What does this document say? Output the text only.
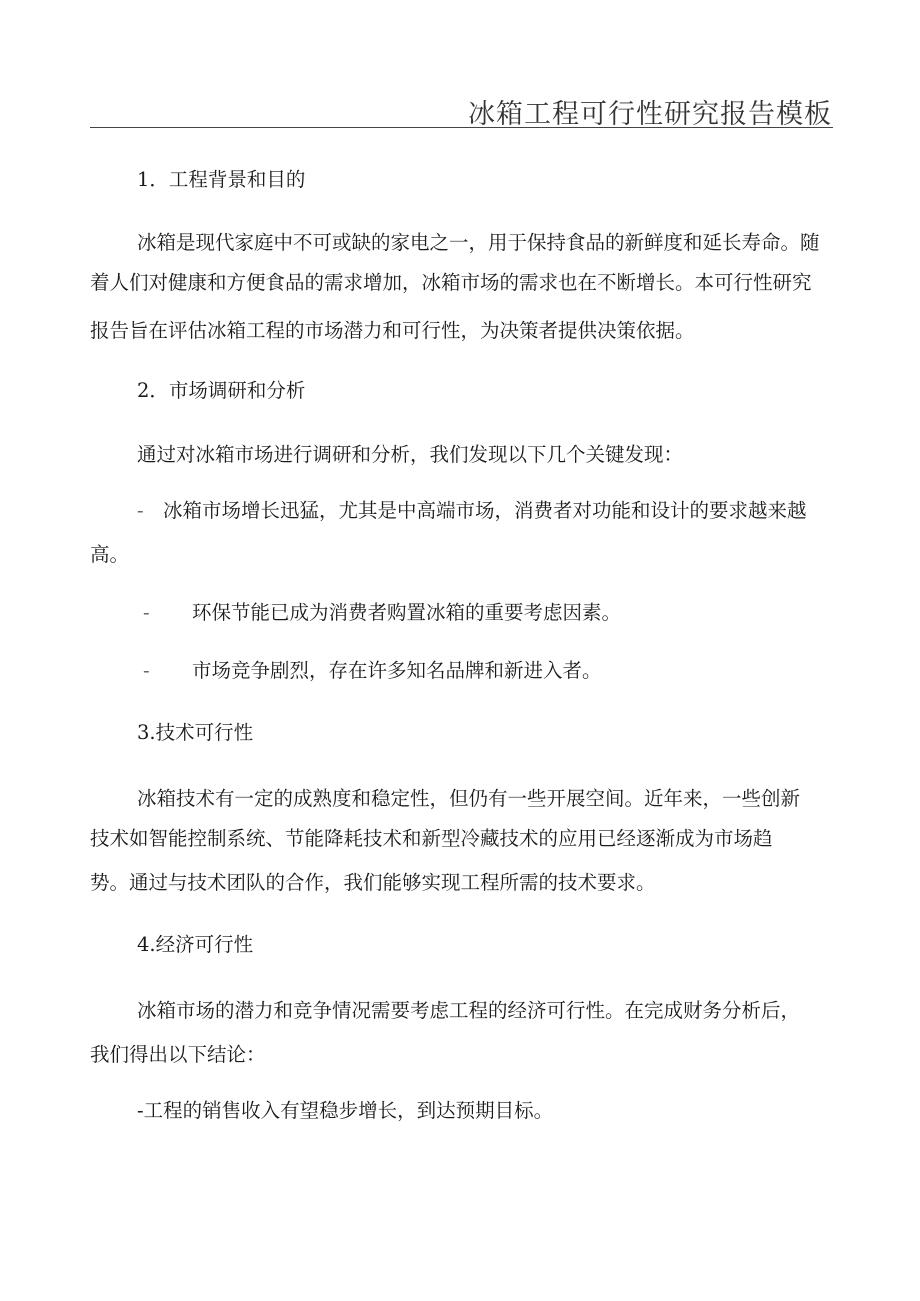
冰箱工程可行性研究报告模板
1．工程背景和目的
冰箱是现代家庭中不可或缺的家电之一，用于保持食品的新鲜度和延长寿命。随
着人们对健康和方便食品的需求增加，冰箱市场的需求也在不断增长。本可行性研究
报告旨在评估冰箱工程的市场潜力和可行性，为决策者提供决策依据。
2．市场调研和分析
通过对冰箱市场进行调研和分析，我们发现以下几个关键发现：
- 冰箱市场增长迅猛，尤其是中高端市场，消费者对功能和设计的要求越来越
高。
- 环保节能已成为消费者购置冰箱的重要考虑因素。
- 市场竞争剧烈，存在许多知名品牌和新进入者。
3.技术可行性
冰箱技术有一定的成熟度和稳定性，但仍有一些开展空间。近年来，一些创新
技术如智能控制系统、节能降耗技术和新型冷藏技术的应用已经逐渐成为市场趋
势。通过与技术团队的合作，我们能够实现工程所需的技术要求。
4.经济可行性
冰箱市场的潜力和竞争情况需要考虑工程的经济可行性。在完成财务分析后，
我们得出以下结论：
-工程的销售收入有望稳步增长，到达预期目标。
